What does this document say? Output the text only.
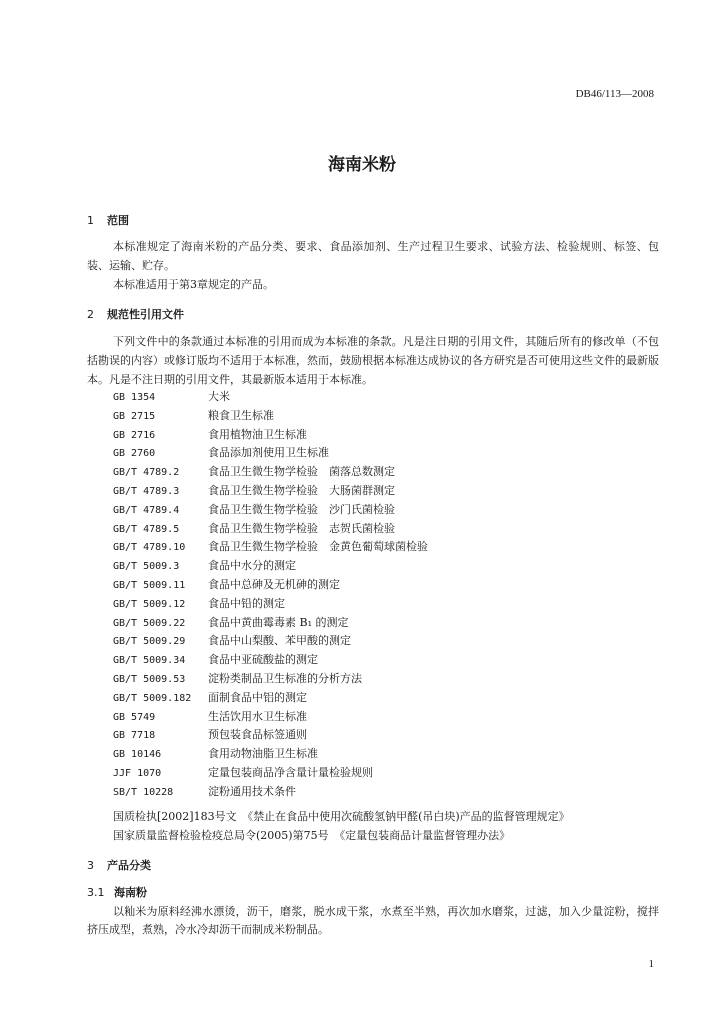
DB46/113—2008
海南米粉
1 范围

本标准规定了海南米粉的产品分类、要求、食品添加剂、生产过程卫生要求、试验方法、检验规则、标签、包装、运输、贮存。

本标准适用于第3章规定的产品。

2 规范性引用文件

下列文件中的条款通过本标准的引用而成为本标准的条款。凡是注日期的引用文件，其随后所有的修改单（不包括勘误的内容）或修订版均不适用于本标准，然而，鼓励根据本标准达成协议的各方研究是否可使用这些文件的最新版本。凡是不注日期的引用文件，其最新版本适用于本标准。

GB 1354	大米
GB 2715	粮食卫生标准
GB 2716	食用植物油卫生标准
GB 2760	食品添加剂使用卫生标准
GB/T 4789.2	食品卫生微生物学检验　菌落总数测定
GB/T 4789.3	食品卫生微生物学检验　大肠菌群测定
GB/T 4789.4	食品卫生微生物学检验　沙门氏菌检验
GB/T 4789.5	食品卫生微生物学检验　志贺氏菌检验
GB/T 4789.10 食品卫生微生物学检验　金黄色葡萄球菌检验
GB/T 5009.3	食品中水分的测定
GB/T 5009.11 食品中总砷及无机砷的测定
GB/T 5009.12 食品中铅的测定
GB/T 5009.22 食品中黄曲霉毒素 B₁ 的测定
GB/T 5009.29 食品中山梨酸、苯甲酸的测定
GB/T 5009.34 食品中亚硫酸盐的测定
GB/T 5009.53 淀粉类制品卫生标准的分析方法
GB/T 5009.182 面制食品中铝的测定
GB 5749	生活饮用水卫生标准
GB 7718	预包装食品标签通则
GB 10146	食用动物油脂卫生标准
JJF 1070	定量包装商品净含量计量检验规则
SB/T 10228	淀粉通用技术条件
国质检执[2002]183号文　《禁止在食品中使用次硫酸氢钠甲醛(吊白块)产品的监督管理规定》
国家质量监督检验检疫总局令(2005)第75号　《定量包装商品计量监督管理办法》
3 产品分类
3.1 海南粉

以籼米为原料经沸水漂烫，沥干，磨浆，脱水成干浆，水煮至半熟，再次加水磨浆，过滤，加入少量淀粉，搅拌挤压成型，煮熟，冷水冷却沥干而制成米粉制品。

1
